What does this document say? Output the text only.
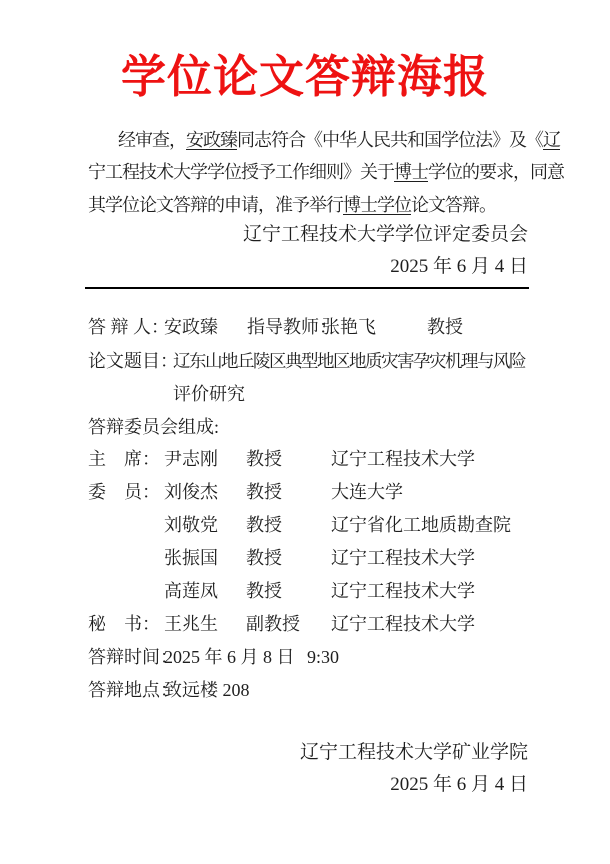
学位论文答辩海报
经审查，安政臻同志符合《中华人民共和国学位法》及《辽
宁工程技术大学学位授予工作细则》关于博士学位的要求，同意
其学位论文答辩的申请，准予举行博士学位论文答辩。
辽宁工程技术大学学位评定委员会
2025 年 6 月 4 日
答 辩 人：
安政臻 指导教师：
张艳飞	教授
论文题目：
辽东山地丘陵区典型地区地质灾害孕灾机理与风险
评价研究
答辩委员会组成:
主　席： 尹志刚 教授	辽宁工程技术大学
委　员： 刘俊杰 教授	大连大学
刘敬党 教授	辽宁省化工地质勘查院
张振国 教授	辽宁工程技术大学
高莲凤 教授	辽宁工程技术大学
秘　书： 王兆生 副教授 辽宁工程技术大学
答辩时间：
2025 年 6 月 8 日 9:30
答辩地点：
致远楼 208
辽宁工程技术大学矿业学院
2025 年 6 月 4 日
